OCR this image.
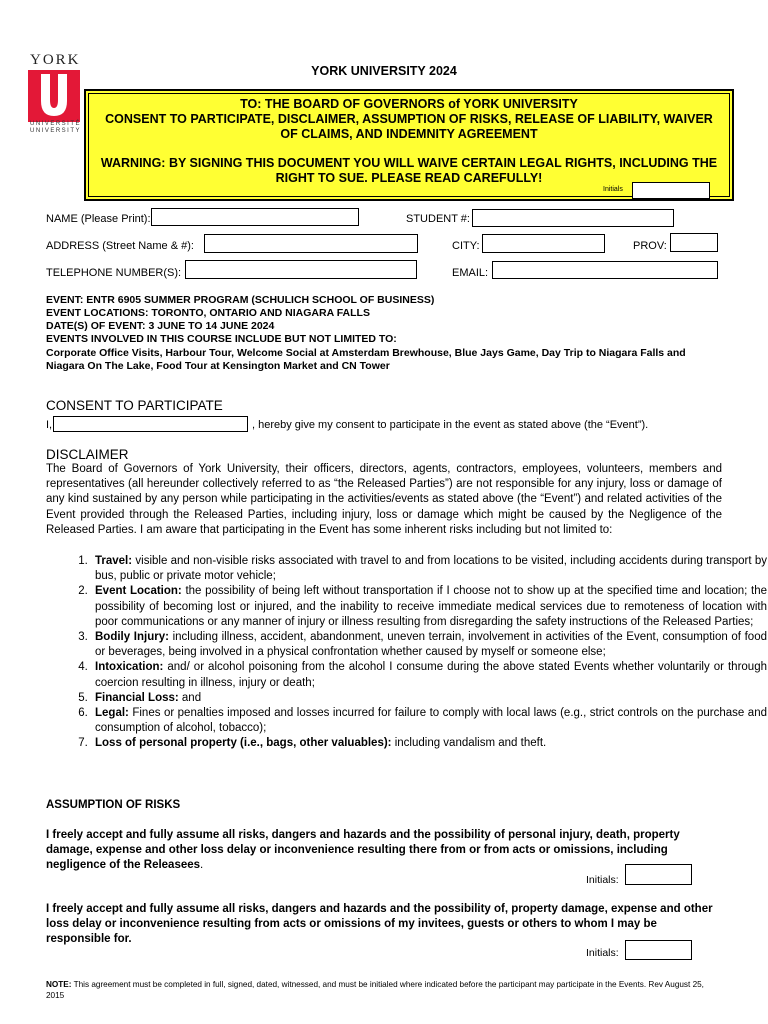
YORK
UNIVERSITÉ
UNIVERSITY
YORK UNIVERSITY 2024
TO: THE BOARD OF GOVERNORS of YORK UNIVERSITY
CONSENT TO PARTICIPATE, DISCLAIMER, ASSUMPTION OF RISKS, RELEASE OF LIABILITY, WAIVER
OF CLAIMS, AND INDEMNITY AGREEMENT
WARNING: BY SIGNING THIS DOCUMENT YOU WILL WAIVE CERTAIN LEGAL RIGHTS, INCLUDING THE
RIGHT TO SUE. PLEASE READ CAREFULLY!
Initials
NAME (Please Print):	STUDENT #:
ADDRESS (Street Name & #):	CITY:	PROV:
TELEPHONE NUMBER(S):	EMAIL:
EVENT: ENTR 6905 SUMMER PROGRAM (SCHULICH SCHOOL OF BUSINESS)
EVENT LOCATIONS: TORONTO, ONTARIO AND NIAGARA FALLS
DATE(S) OF EVENT: 3 JUNE TO 14 JUNE 2024
EVENTS INVOLVED IN THIS COURSE INCLUDE BUT NOT LIMITED TO:
Corporate Office Visits, Harbour Tour, Welcome Social at Amsterdam Brewhouse, Blue Jays Game, Day Trip to Niagara Falls and
Niagara On The Lake, Food Tour at Kensington Market and CN Tower
CONSENT TO PARTICIPATE
I,	, hereby give my consent to participate in the event as stated above (the “Event”).
DISCLAIMER
The Board of Governors of York University, their officers, directors, agents, contractors, employees, volunteers, members and representatives (all hereunder collectively referred to as “the Released Parties”) are not responsible for any injury, loss or damage of any kind sustained by any person while participating in the activities/events as stated above (the “Event”) and related activities of the Event provided through the Released Parties, including injury, loss or damage which might be caused by the Negligence of the Released Parties. I am aware that participating in the Event has some inherent risks including but not limited to:
1. Travel: visible and non-visible risks associated with travel to and from locations to be visited, including accidents during transport by bus, public or private motor vehicle;
2. Event Location: the possibility of being left without transportation if I choose not to show up at the specified time and location; the possibility of becoming lost or injured, and the inability to receive immediate medical services due to remoteness of location with poor communications or any manner of injury or illness resulting from disregarding the safety instructions of the Released Parties;
3. Bodily Injury: including illness, accident, abandonment, uneven terrain, involvement in activities of the Event, consumption of food or beverages, being involved in a physical confrontation whether caused by myself or someone else;
4. Intoxication: and/ or alcohol poisoning from the alcohol I consume during the above stated Events whether voluntarily or through coercion resulting in illness, injury or death;
5. Financial Loss: and
6. Legal: Fines or penalties imposed and losses incurred for failure to comply with local laws (e.g., strict controls on the purchase and consumption of alcohol, tobacco);
7. Loss of personal property (i.e., bags, other valuables): including vandalism and theft.
ASSUMPTION OF RISKS
I freely accept and fully assume all risks, dangers and hazards and the possibility of personal injury, death, property damage, expense and other loss delay or inconvenience resulting there from or from acts or omissions, including negligence of the Releasees.
Initials:
I freely accept and fully assume all risks, dangers and hazards and the possibility of, property damage, expense and other loss delay or inconvenience resulting from acts or omissions of my invitees, guests or others to whom I may be responsible for.
Initials:
NOTE: This agreement must be completed in full, signed, dated, witnessed, and must be initialed where indicated before the participant may participate in the Events. Rev August 25, 2015
